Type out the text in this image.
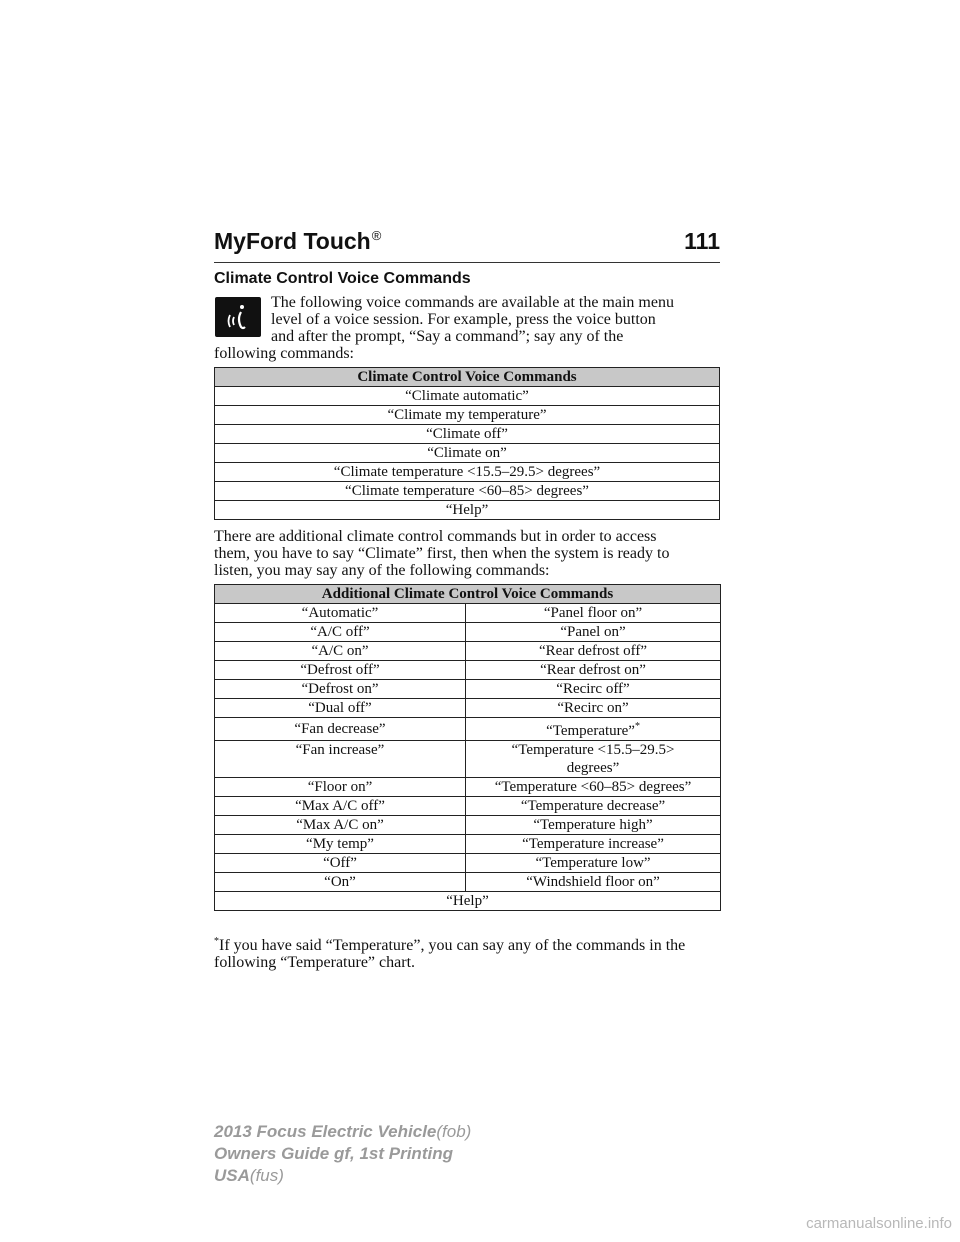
MyFord Touch®	111
Climate Control Voice Commands
The following voice commands are available at the main menu
level of a voice session. For example, press the voice button
and after the prompt, “Say a command”; say any of the
following commands:
Climate Control Voice Commands
“Climate automatic”
“Climate my temperature”
“Climate off”
“Climate on”
“Climate temperature <15.5–29.5> degrees”
“Climate temperature <60–85> degrees”
“Help”
There are additional climate control commands but in order to access
them, you have to say “Climate” first, then when the system is ready to
listen, you may say any of the following commands:
Additional Climate Control Voice Commands	
“Automatic”	“Panel floor on”
“A/C off”	“Panel on”
“A/C on”	“Rear defrost off”
“Defrost off”	“Rear defrost on”
“Defrost on”	“Recirc off”
“Dual off”	“Recirc on”
“Fan decrease”	“Temperature”*
“Fan increase”	“Temperature <15.5–29.5>
degrees”

“Floor on”	“Temperature <60–85> degrees”
“Max A/C off”	“Temperature decrease”
“Max A/C on”	“Temperature high”
“My temp”	“Temperature increase”
“Off”	“Temperature low”
“On”	“Windshield floor on”
“Help”	
*If you have said “Temperature”, you can say any of the commands in the
following “Temperature” chart.
2013 Focus Electric Vehicle(fob)
Owners Guide gf, 1st Printing
USA(fus)
carmanualsonline.info
